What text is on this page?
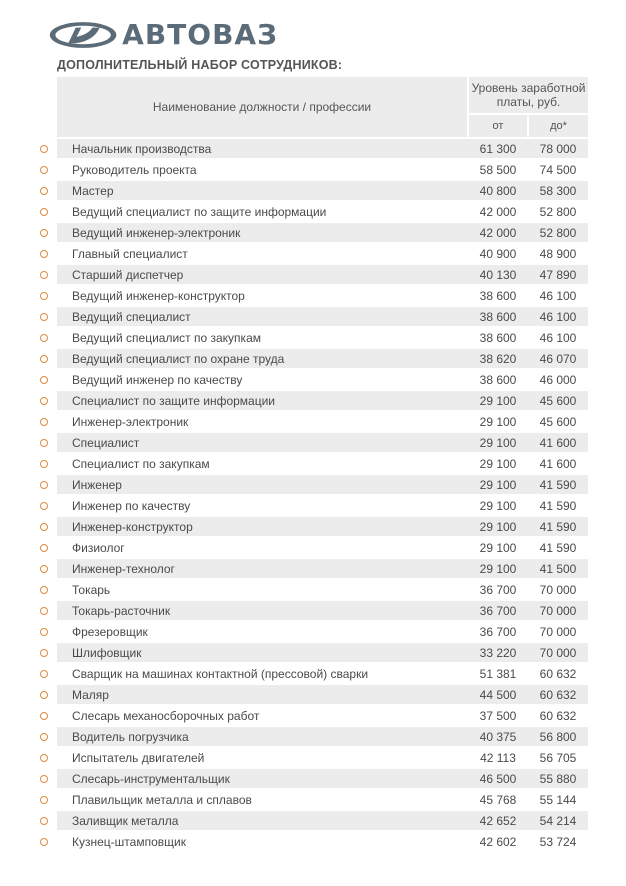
АВТОВАЗ
ДОПОЛНИТЕЛЬНЫЙ НАБОР СОТРУДНИКОВ:
Наименование должности / профессии	Уровень заработной платы, руб.	
	от	до*
Начальник производства	61 300	78 000
Руководитель проекта	58 500	74 500
Мастер	40 800	58 300
Ведущий специалист по защите информации	42 000	52 800
Ведущий инженер-электроник	42 000	52 800
Главный специалист	40 900	48 900
Старший диспетчер	40 130	47 890
Ведущий инженер-конструктор	38 600	46 100
Ведущий специалист	38 600	46 100
Ведущий специалист по закупкам	38 600	46 100
Ведущий специалист по охране труда	38 620	46 070
Ведущий инженер по качеству	38 600	46 000
Специалист по защите информации	29 100	45 600
Инженер-электроник	29 100	45 600
Специалист	29 100	41 600
Специалист по закупкам	29 100	41 600
Инженер	29 100	41 590
Инженер по качеству	29 100	41 590
Инженер-конструктор	29 100	41 590
Физиолог	29 100	41 590
Инженер-технолог	29 100	41 500
Токарь	36 700	70 000
Токарь-расточник	36 700	70 000
Фрезеровщик	36 700	70 000
Шлифовщик	33 220	70 000
Сварщик на машинах контактной (прессовой) сварки	51 381	60 632
Маляр	44 500	60 632
Слесарь механосборочных работ	37 500	60 632
Водитель погрузчика	40 375	56 800
Испытатель двигателей	42 113	56 705
Слесарь-инструментальщик	46 500	55 880
Плавильщик металла и сплавов	45 768	55 144
Заливщик металла	42 652	54 214
Кузнец-штамповщик	42 602	53 724
